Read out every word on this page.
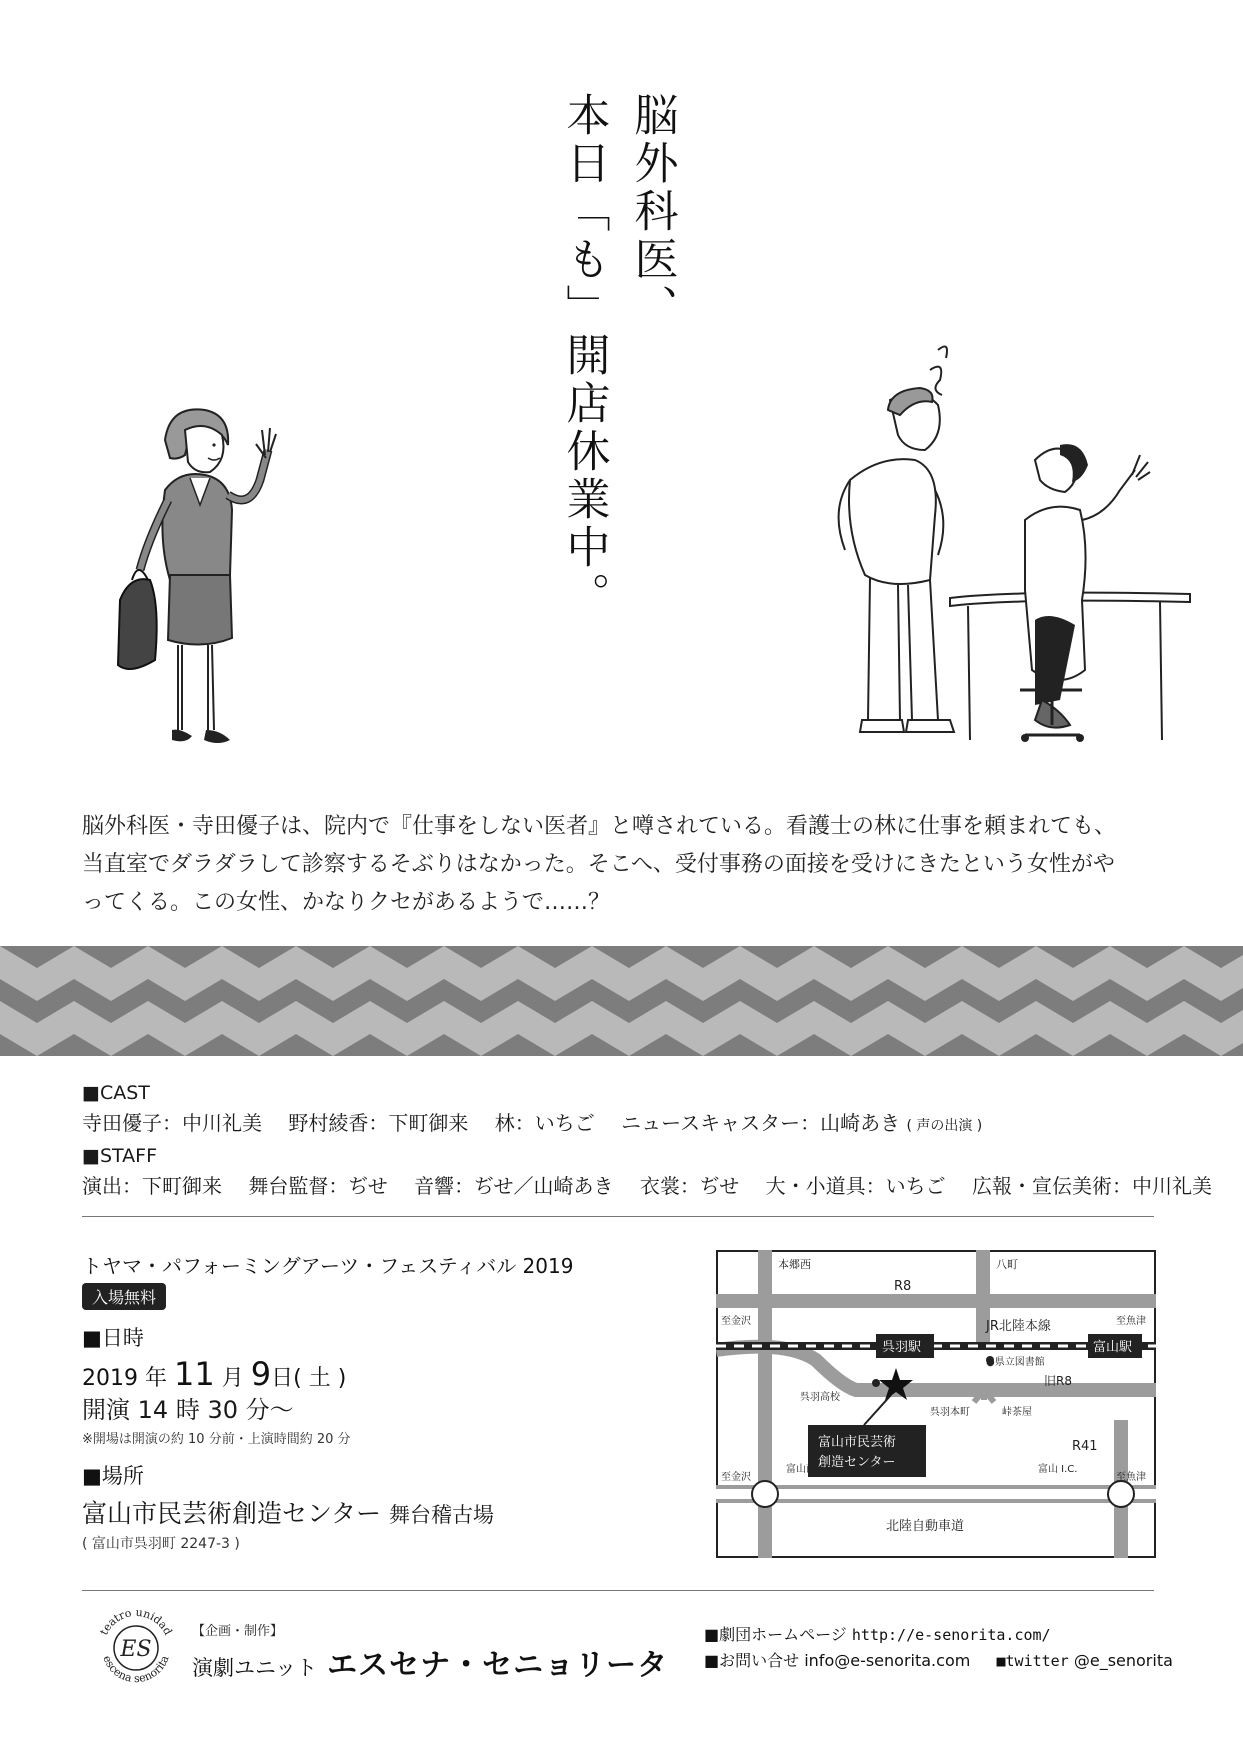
脳外科医、
本日「も」開店休業中。

脳外科医・寺田優子は、院内で『仕事をしない医者』と噂されている。看護士の林に仕事を頼まれても、

当直室でダラダラして診察するそぶりはなかった。そこへ、受付事務の面接を受けにきたという女性がや

ってくる。この女性、かなりクセがあるようで……？

■CAST
寺田優子：中川礼美 野村綾香：下町御来 林：いちご ニュースキャスター：山崎あき ( 声の出演 )
■STAFF
演出：下町御来 舞台監督：ぢせ 音響：ぢせ／山崎あき 衣裳：ぢせ 大・小道具：いちご 広報・宣伝美術：中川礼美
トヤマ・パフォーミングアーツ・フェスティバル 2019
入場無料
■日時
2019 年 11 月 9日( 土 )
開演 14 時 30 分〜
※開場は開演の約 10 分前・上演時間約 20 分
■場所
富山市民芸術創造センター 舞台稽古場
( 富山市呉羽町 2247-3 )
本郷西
R8
八町
至金沢	至魚津
呉羽駅
JR北陸本線
富山駅
●県立図書館
旧R8
呉羽高校
呉羽本町	峠茶屋
富山市民芸術
創造センター
R41
至金沢
富山西 I.C.	富山 I.C.
至魚津
北陸自動車道
teatro unidad
escena senorita
ES
【企画・制作】
演劇ユニット エスセナ・セニョリータ
■劇団ホームページ http://e-senorita.com/
■お問い合せ info@e-senorita.com ■twitter @e_senorita
